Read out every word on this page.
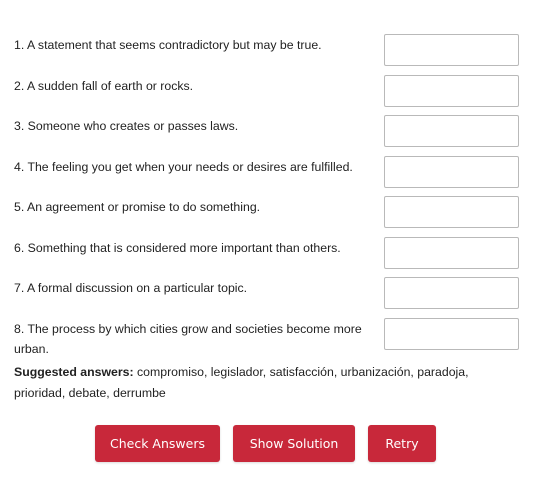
1. A statement that seems contradictory but may be true.
2. A sudden fall of earth or rocks.
3. Someone who creates or passes laws.
4. The feeling you get when your needs or desires are fulfilled.
5. An agreement or promise to do something.
6. Something that is considered more important than others.
7. A formal discussion on a particular topic.
8. The process by which cities grow and societies become more urban.
Suggested answers: compromiso, legislador, satisfacción, urbanización, paradoja, prioridad, debate, derrumbe
Check Answers	Show Solution	Retry
